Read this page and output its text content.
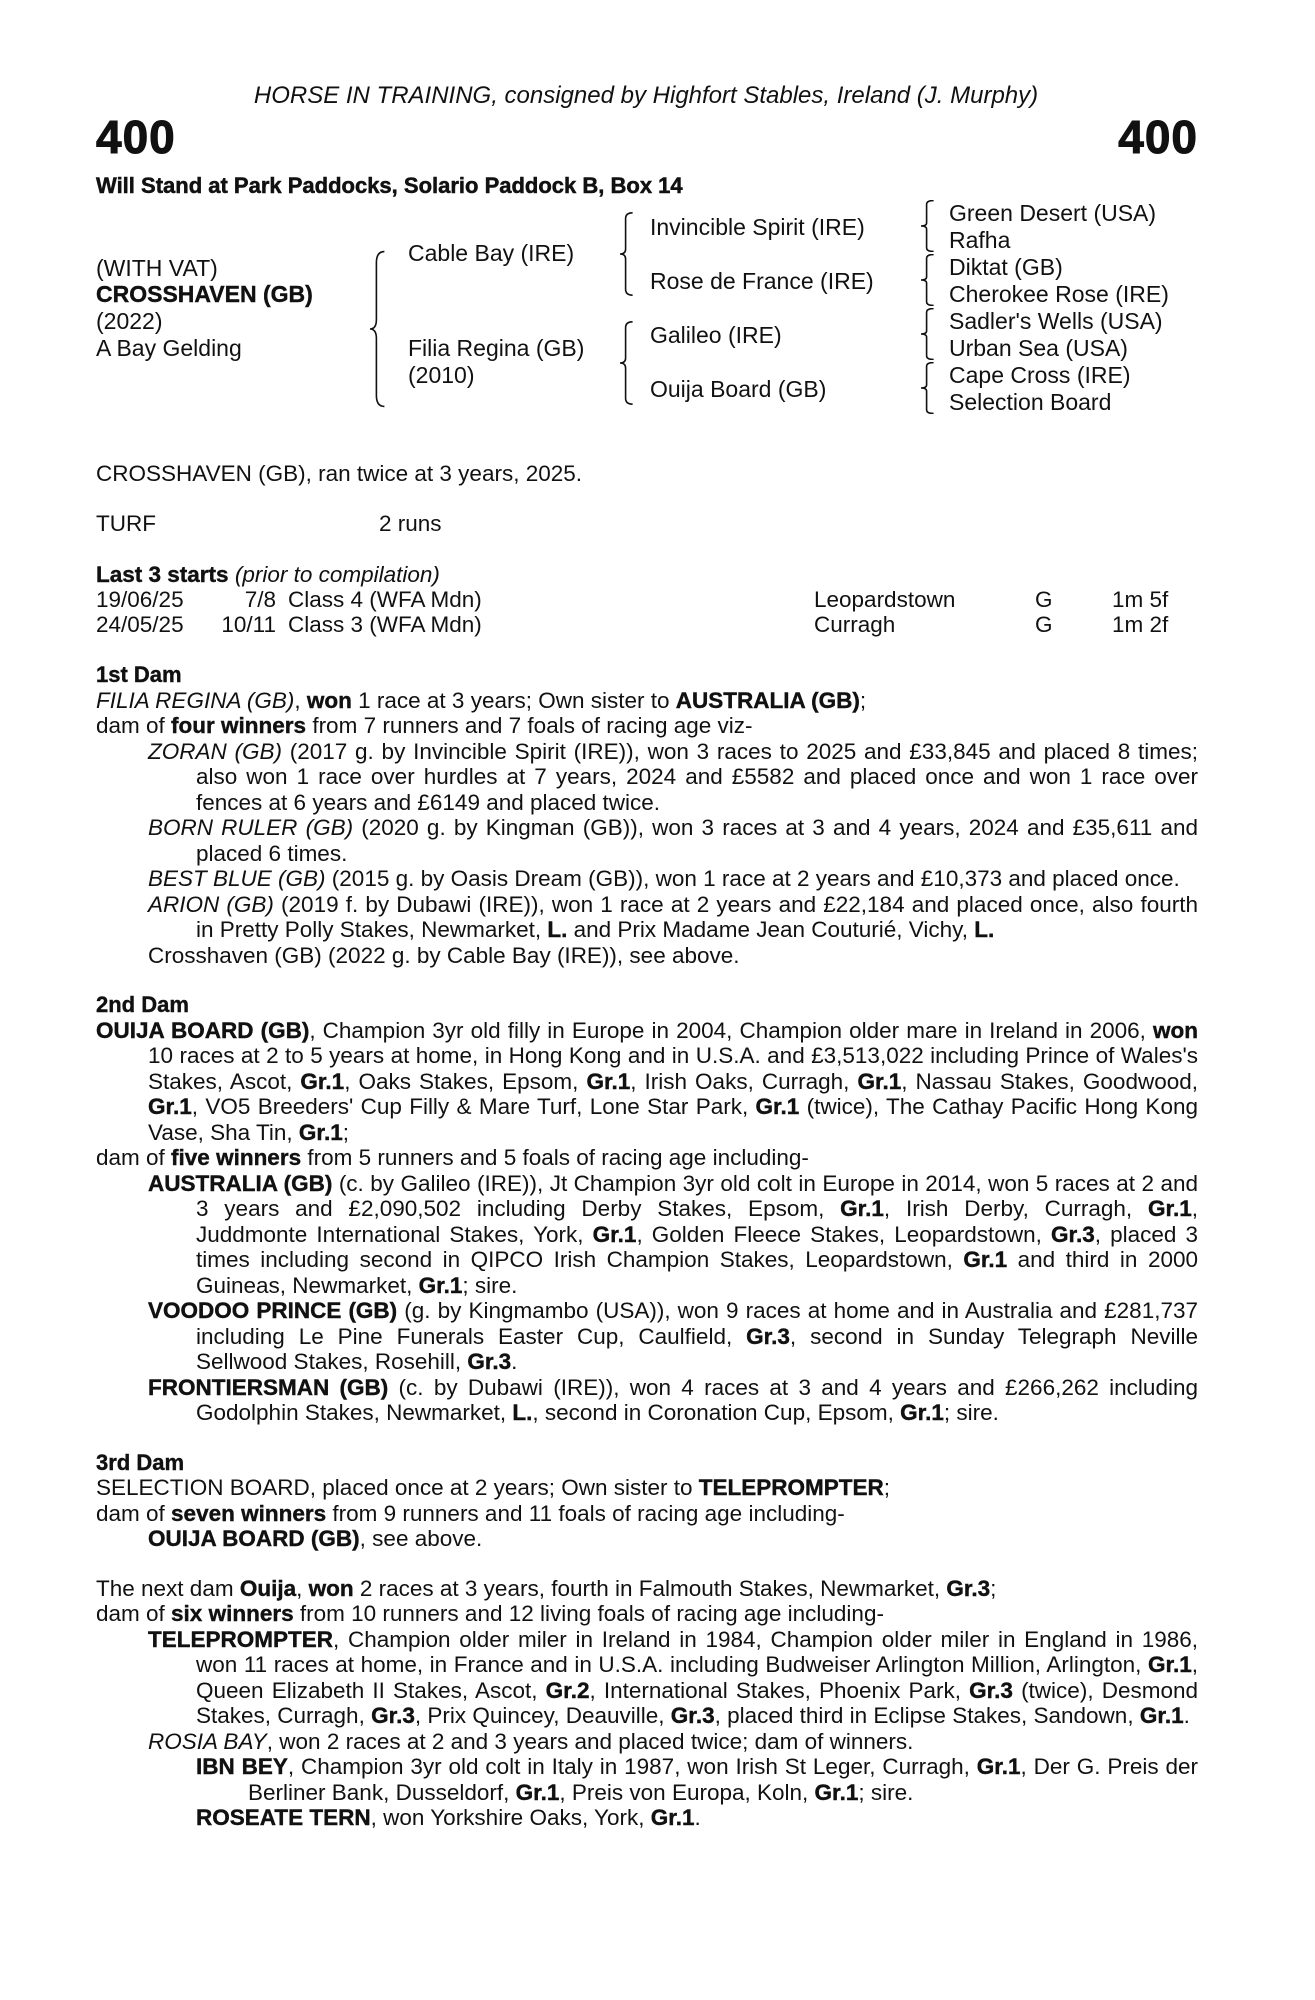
HORSE IN TRAINING, consigned by Highfort Stables, Ireland (J. Murphy)
400	400
Will Stand at Park Paddocks, Solario Paddock B, Box 14
(WITH VAT)
CROSSHAVEN (GB)
(2022)
A Bay Gelding
Cable Bay (IRE)
Filia Regina (GB)
(2010)
Invincible Spirit (IRE)
Rose de France (IRE)
Galileo (IRE)
Ouija Board (GB)
Green Desert (USA)
Rafha
Diktat (GB)
Cherokee Rose (IRE)
Sadler's Wells (USA)
Urban Sea (USA)
Cape Cross (IRE)
Selection Board
CROSSHAVEN (GB), ran twice at 3 years, 2025.
TURF	2 runs
Last 3 starts (prior to compilation)
19/06/25	7/8 Class 4 (WFA Mdn)	Leopardstown	G	1m 5f
24/05/25 10/11 Class 3 (WFA Mdn)	Curragh	G	1m 2f
1st Dam
FILIA REGINA (GB), won 1 race at 3 years; Own sister to AUSTRALIA (GB);
dam of four winners from 7 runners and 7 foals of racing age viz-
ZORAN (GB) (2017 g. by Invincible Spirit (IRE)), won 3 races to 2025 and £33,845 and placed 8 times; also won 1 race over hurdles at 7 years, 2024 and £5582 and placed once and won 1 race over fences at 6 years and £6149 and placed twice.
BORN RULER (GB) (2020 g. by Kingman (GB)), won 3 races at 3 and 4 years, 2024 and £35,611 and placed 6 times.
BEST BLUE (GB) (2015 g. by Oasis Dream (GB)), won 1 race at 2 years and £10,373 and placed once.
ARION (GB) (2019 f. by Dubawi (IRE)), won 1 race at 2 years and £22,184 and placed once, also fourth in Pretty Polly Stakes, Newmarket, L. and Prix Madame Jean Couturié, Vichy, L.
Crosshaven (GB) (2022 g. by Cable Bay (IRE)), see above.
2nd Dam
OUIJA BOARD (GB), Champion 3yr old filly in Europe in 2004, Champion older mare in Ireland in 2006, won 10 races at 2 to 5 years at home, in Hong Kong and in U.S.A. and £3,513,022 including Prince of Wales's Stakes, Ascot, Gr.1, Oaks Stakes, Epsom, Gr.1, Irish Oaks, Curragh, Gr.1, Nassau Stakes, Goodwood, Gr.1, VO5 Breeders' Cup Filly & Mare Turf, Lone Star Park, Gr.1 (twice), The Cathay Pacific Hong Kong Vase, Sha Tin, Gr.1;
dam of five winners from 5 runners and 5 foals of racing age including-
AUSTRALIA (GB) (c. by Galileo (IRE)), Jt Champion 3yr old colt in Europe in 2014, won 5 races at 2 and 3 years and £2,090,502 including Derby Stakes, Epsom, Gr.1, Irish Derby, Curragh, Gr.1, Juddmonte International Stakes, York, Gr.1, Golden Fleece Stakes, Leopardstown, Gr.3, placed 3 times including second in QIPCO Irish Champion Stakes, Leopardstown, Gr.1 and third in 2000 Guineas, Newmarket, Gr.1; sire.
VOODOO PRINCE (GB) (g. by Kingmambo (USA)), won 9 races at home and in Australia and £281,737 including Le Pine Funerals Easter Cup, Caulfield, Gr.3, second in Sunday Telegraph Neville Sellwood Stakes, Rosehill, Gr.3.
FRONTIERSMAN (GB) (c. by Dubawi (IRE)), won 4 races at 3 and 4 years and £266,262 including Godolphin Stakes, Newmarket, L., second in Coronation Cup, Epsom, Gr.1; sire.
3rd Dam
SELECTION BOARD, placed once at 2 years; Own sister to TELEPROMPTER;
dam of seven winners from 9 runners and 11 foals of racing age including-
OUIJA BOARD (GB), see above.
The next dam Ouija, won 2 races at 3 years, fourth in Falmouth Stakes, Newmarket, Gr.3;
dam of six winners from 10 runners and 12 living foals of racing age including-
TELEPROMPTER, Champion older miler in Ireland in 1984, Champion older miler in England in 1986, won 11 races at home, in France and in U.S.A. including Budweiser Arlington Million, Arlington, Gr.1, Queen Elizabeth II Stakes, Ascot, Gr.2, International Stakes, Phoenix Park, Gr.3 (twice), Desmond Stakes, Curragh, Gr.3, Prix Quincey, Deauville, Gr.3, placed third in Eclipse Stakes, Sandown, Gr.1.
ROSIA BAY, won 2 races at 2 and 3 years and placed twice; dam of winners.
IBN BEY, Champion 3yr old colt in Italy in 1987, won Irish St Leger, Curragh, Gr.1, Der G. Preis der Berliner Bank, Dusseldorf, Gr.1, Preis von Europa, Koln, Gr.1; sire.
ROSEATE TERN, won Yorkshire Oaks, York, Gr.1.
